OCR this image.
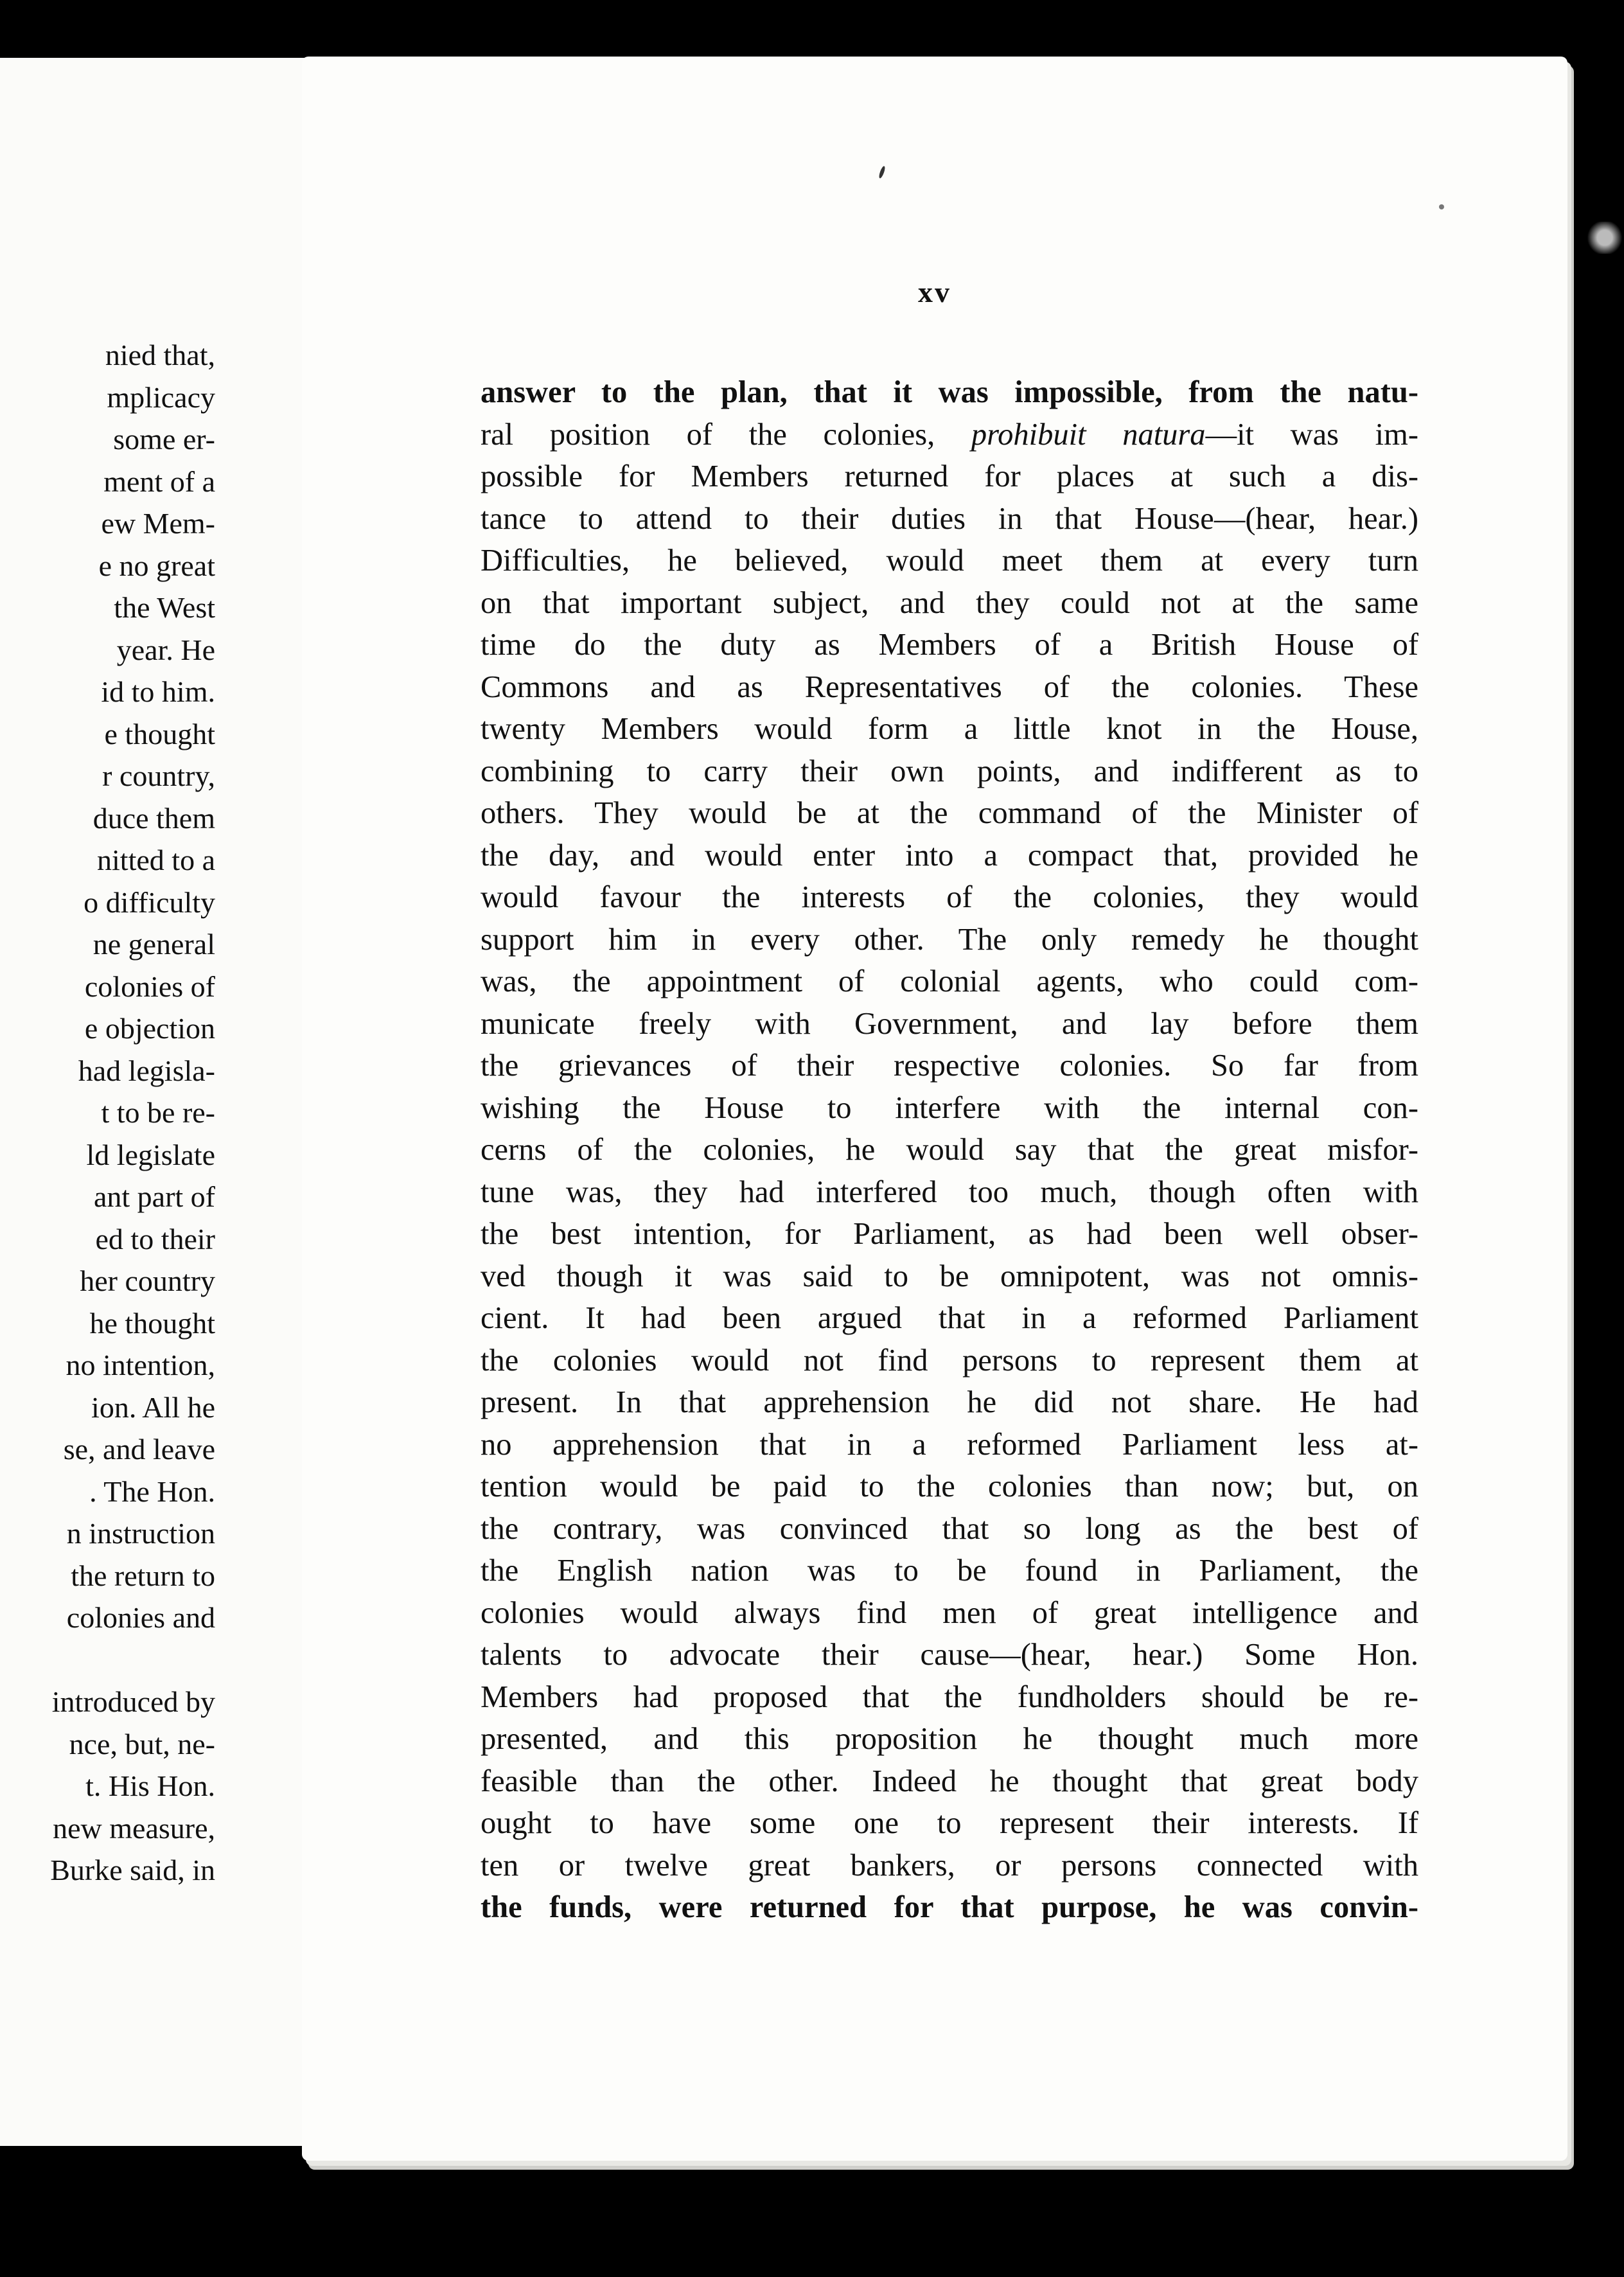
nied that,
mplicacy
some er-
ment of a
ew Mem-
e no great
the West
year. He
id to him.
e thought
r country,
duce them
nitted to a
o difficulty
ne general
colonies of
e objection
had legisla-
t to be re-
ld legislate
ant part of
ed to their
her country
he thought
no intention,
ion. All he
se, and leave
. The Hon.
n instruction
the return to
colonies and
introduced by
nce, but, ne-
t. His Hon.
new measure,
Burke said, in
xv
answer to the plan, that it was impossible, from the natu-
ral position of the colonies, prohibuit natura—it was im-
possible for Members returned for places at such a dis-
tance to attend to their duties in that House—(hear, hear.)
Difficulties, he believed, would meet them at every turn
on that important subject, and they could not at the same
time do the duty as Members of a British House of
Commons and as Representatives of the colonies. These
twenty Members would form a little knot in the House,
combining to carry their own points, and indifferent as to
others. They would be at the command of the Minister of
the day, and would enter into a compact that, provided he
would favour the interests of the colonies, they would
support him in every other. The only remedy he thought
was, the appointment of colonial agents, who could com-
municate freely with Government, and lay before them
the grievances of their respective colonies. So far from
wishing the House to interfere with the internal con-
cerns of the colonies, he would say that the great misfor-
tune was, they had interfered too much, though often with
the best intention, for Parliament, as had been well obser-
ved though it was said to be omnipotent, was not omnis-
cient. It had been argued that in a reformed Parliament
the colonies would not find persons to represent them at
present. In that apprehension he did not share. He had
no apprehension that in a reformed Parliament less at-
tention would be paid to the colonies than now; but, on
the contrary, was convinced that so long as the best of
the English nation was to be found in Parliament, the
colonies would always find men of great intelligence and
talents to advocate their cause—(hear, hear.) Some Hon.
Members had proposed that the fundholders should be re-
presented, and this proposition he thought much more
feasible than the other. Indeed he thought that great body
ought to have some one to represent their interests. If
ten or twelve great bankers, or persons connected with
the funds, were returned for that purpose, he was convin-
